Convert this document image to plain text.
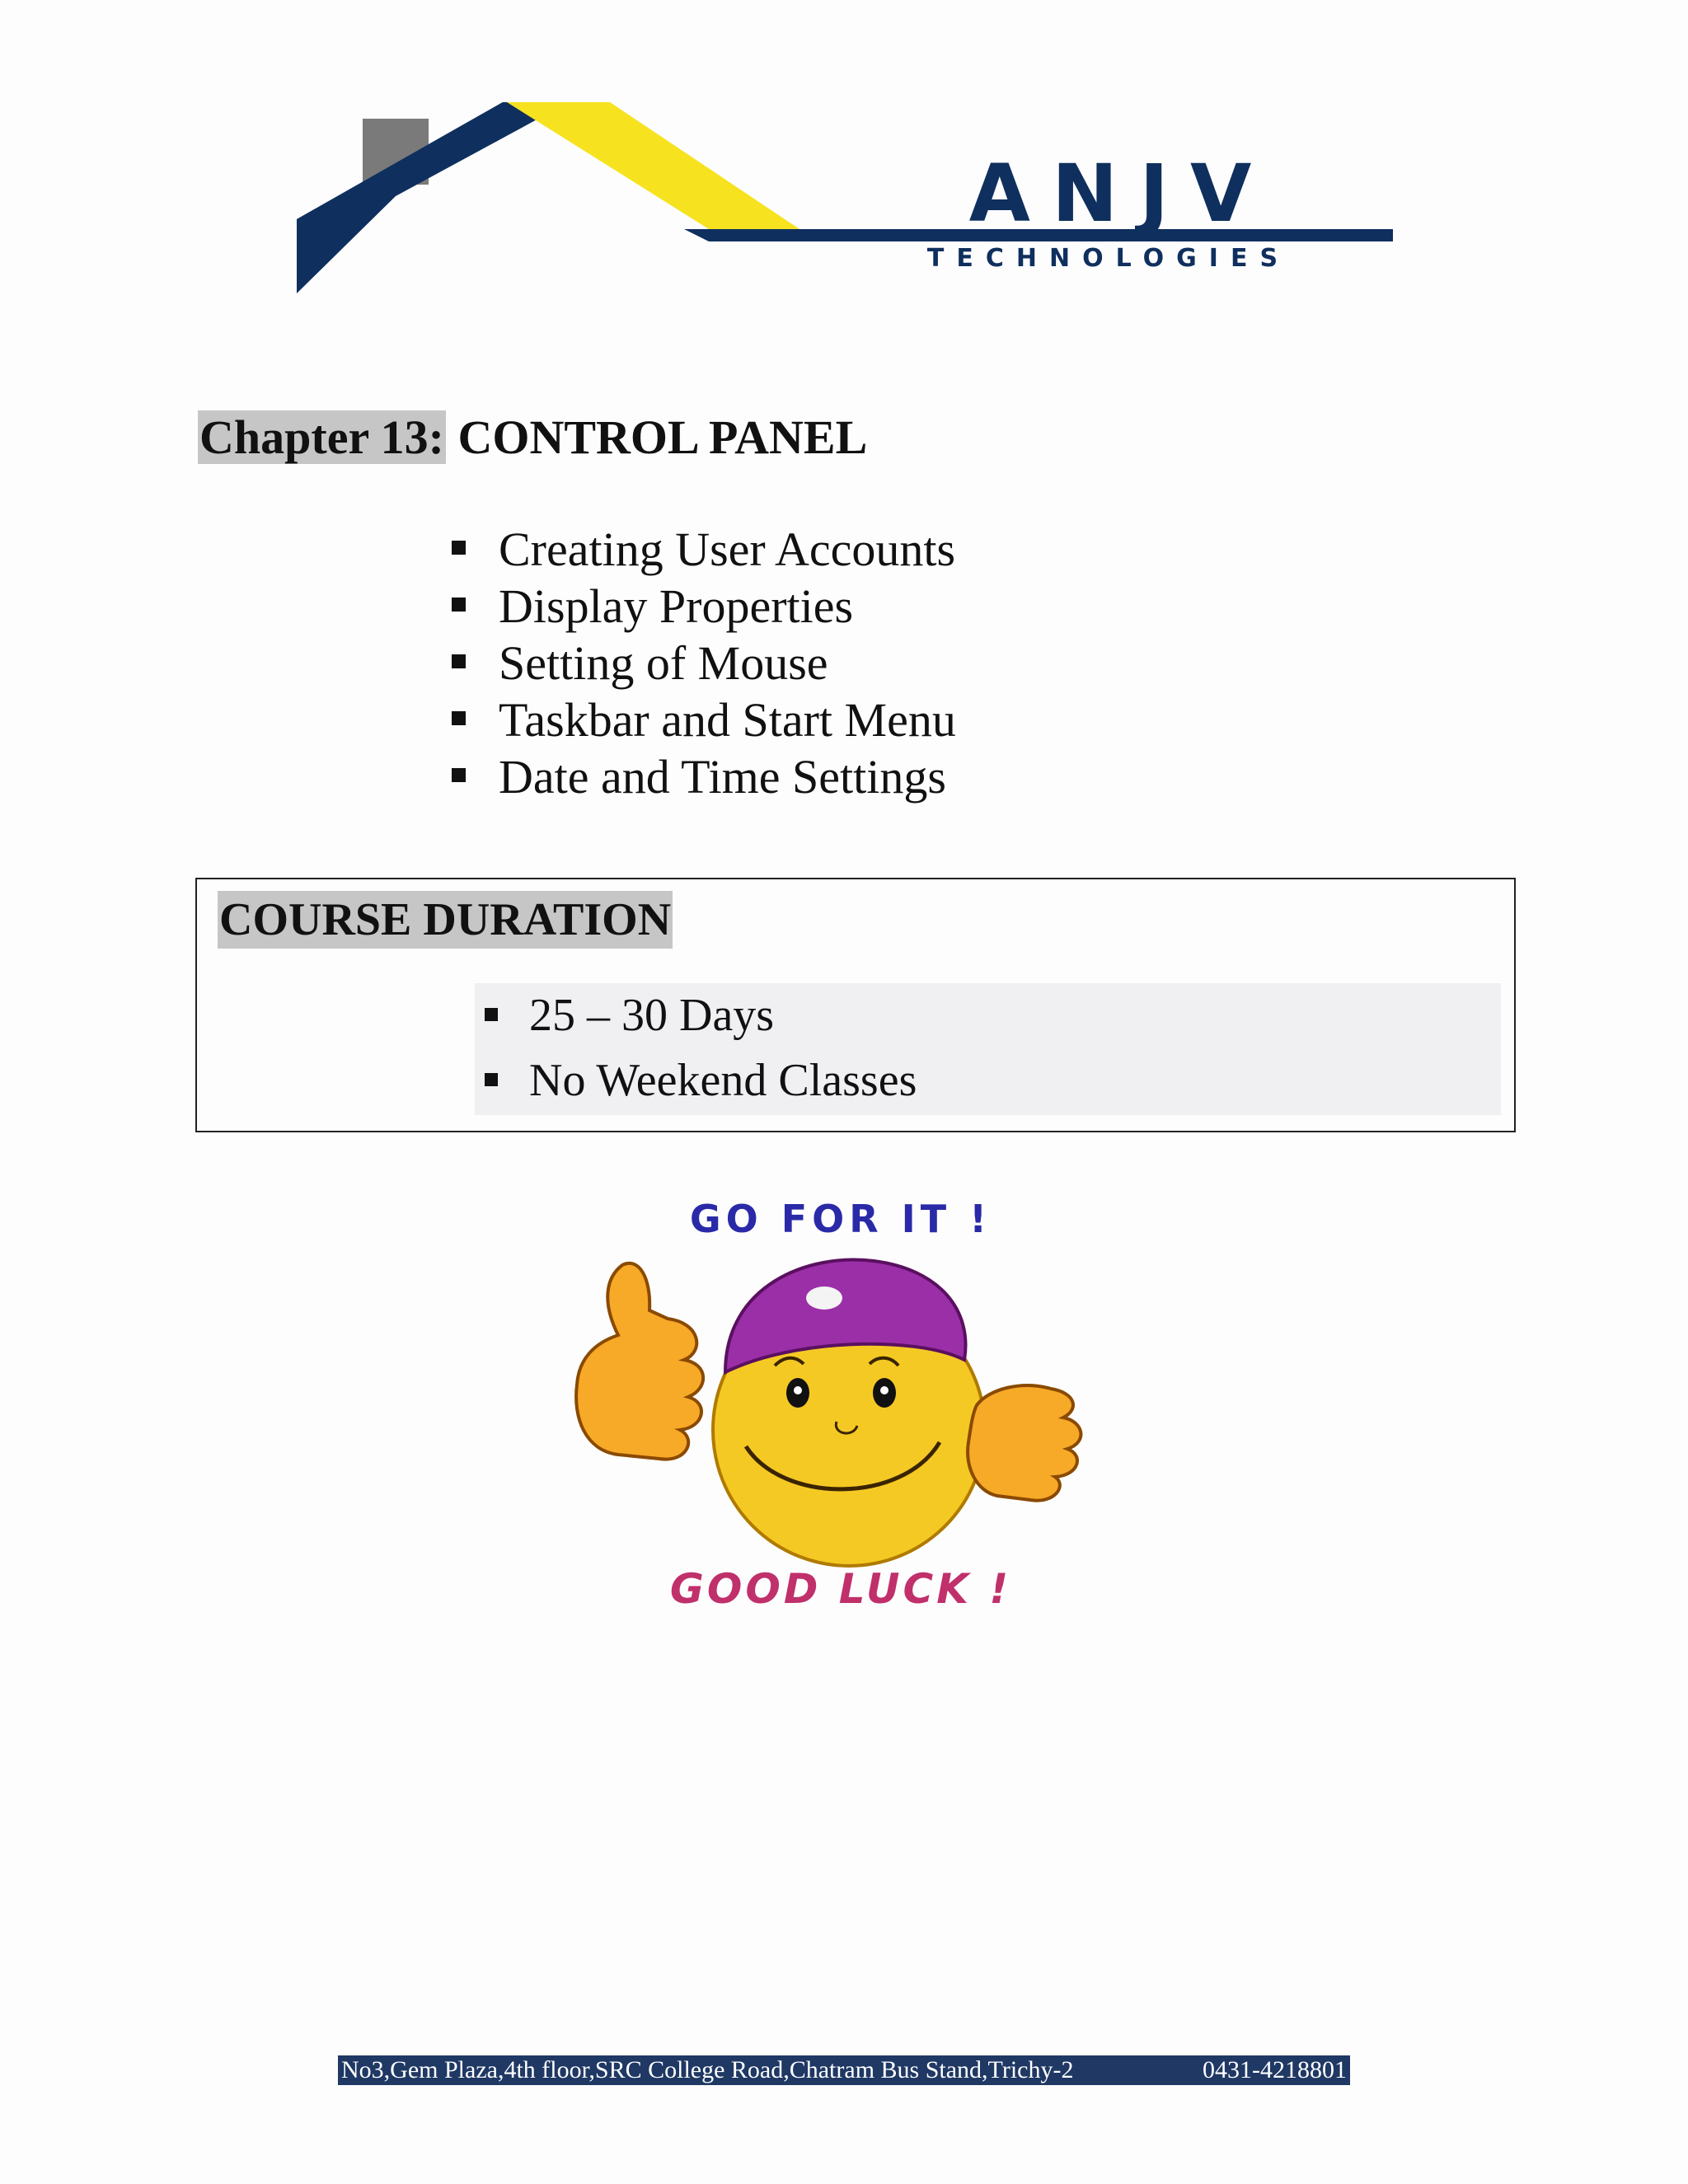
ANJV
TECHNOLOGIES
Chapter 13: CONTROL PANEL
Creating User Accounts
Display Properties
Setting of Mouse
Taskbar and Start Menu
Date and Time Settings
COURSE DURATION
25 – 30 Days
No Weekend Classes
GO FOR IT !
GOOD LUCK !
No3,Gem Plaza,4th floor,SRC College Road,Chatram Bus Stand,Trichy-2	0431-4218801
